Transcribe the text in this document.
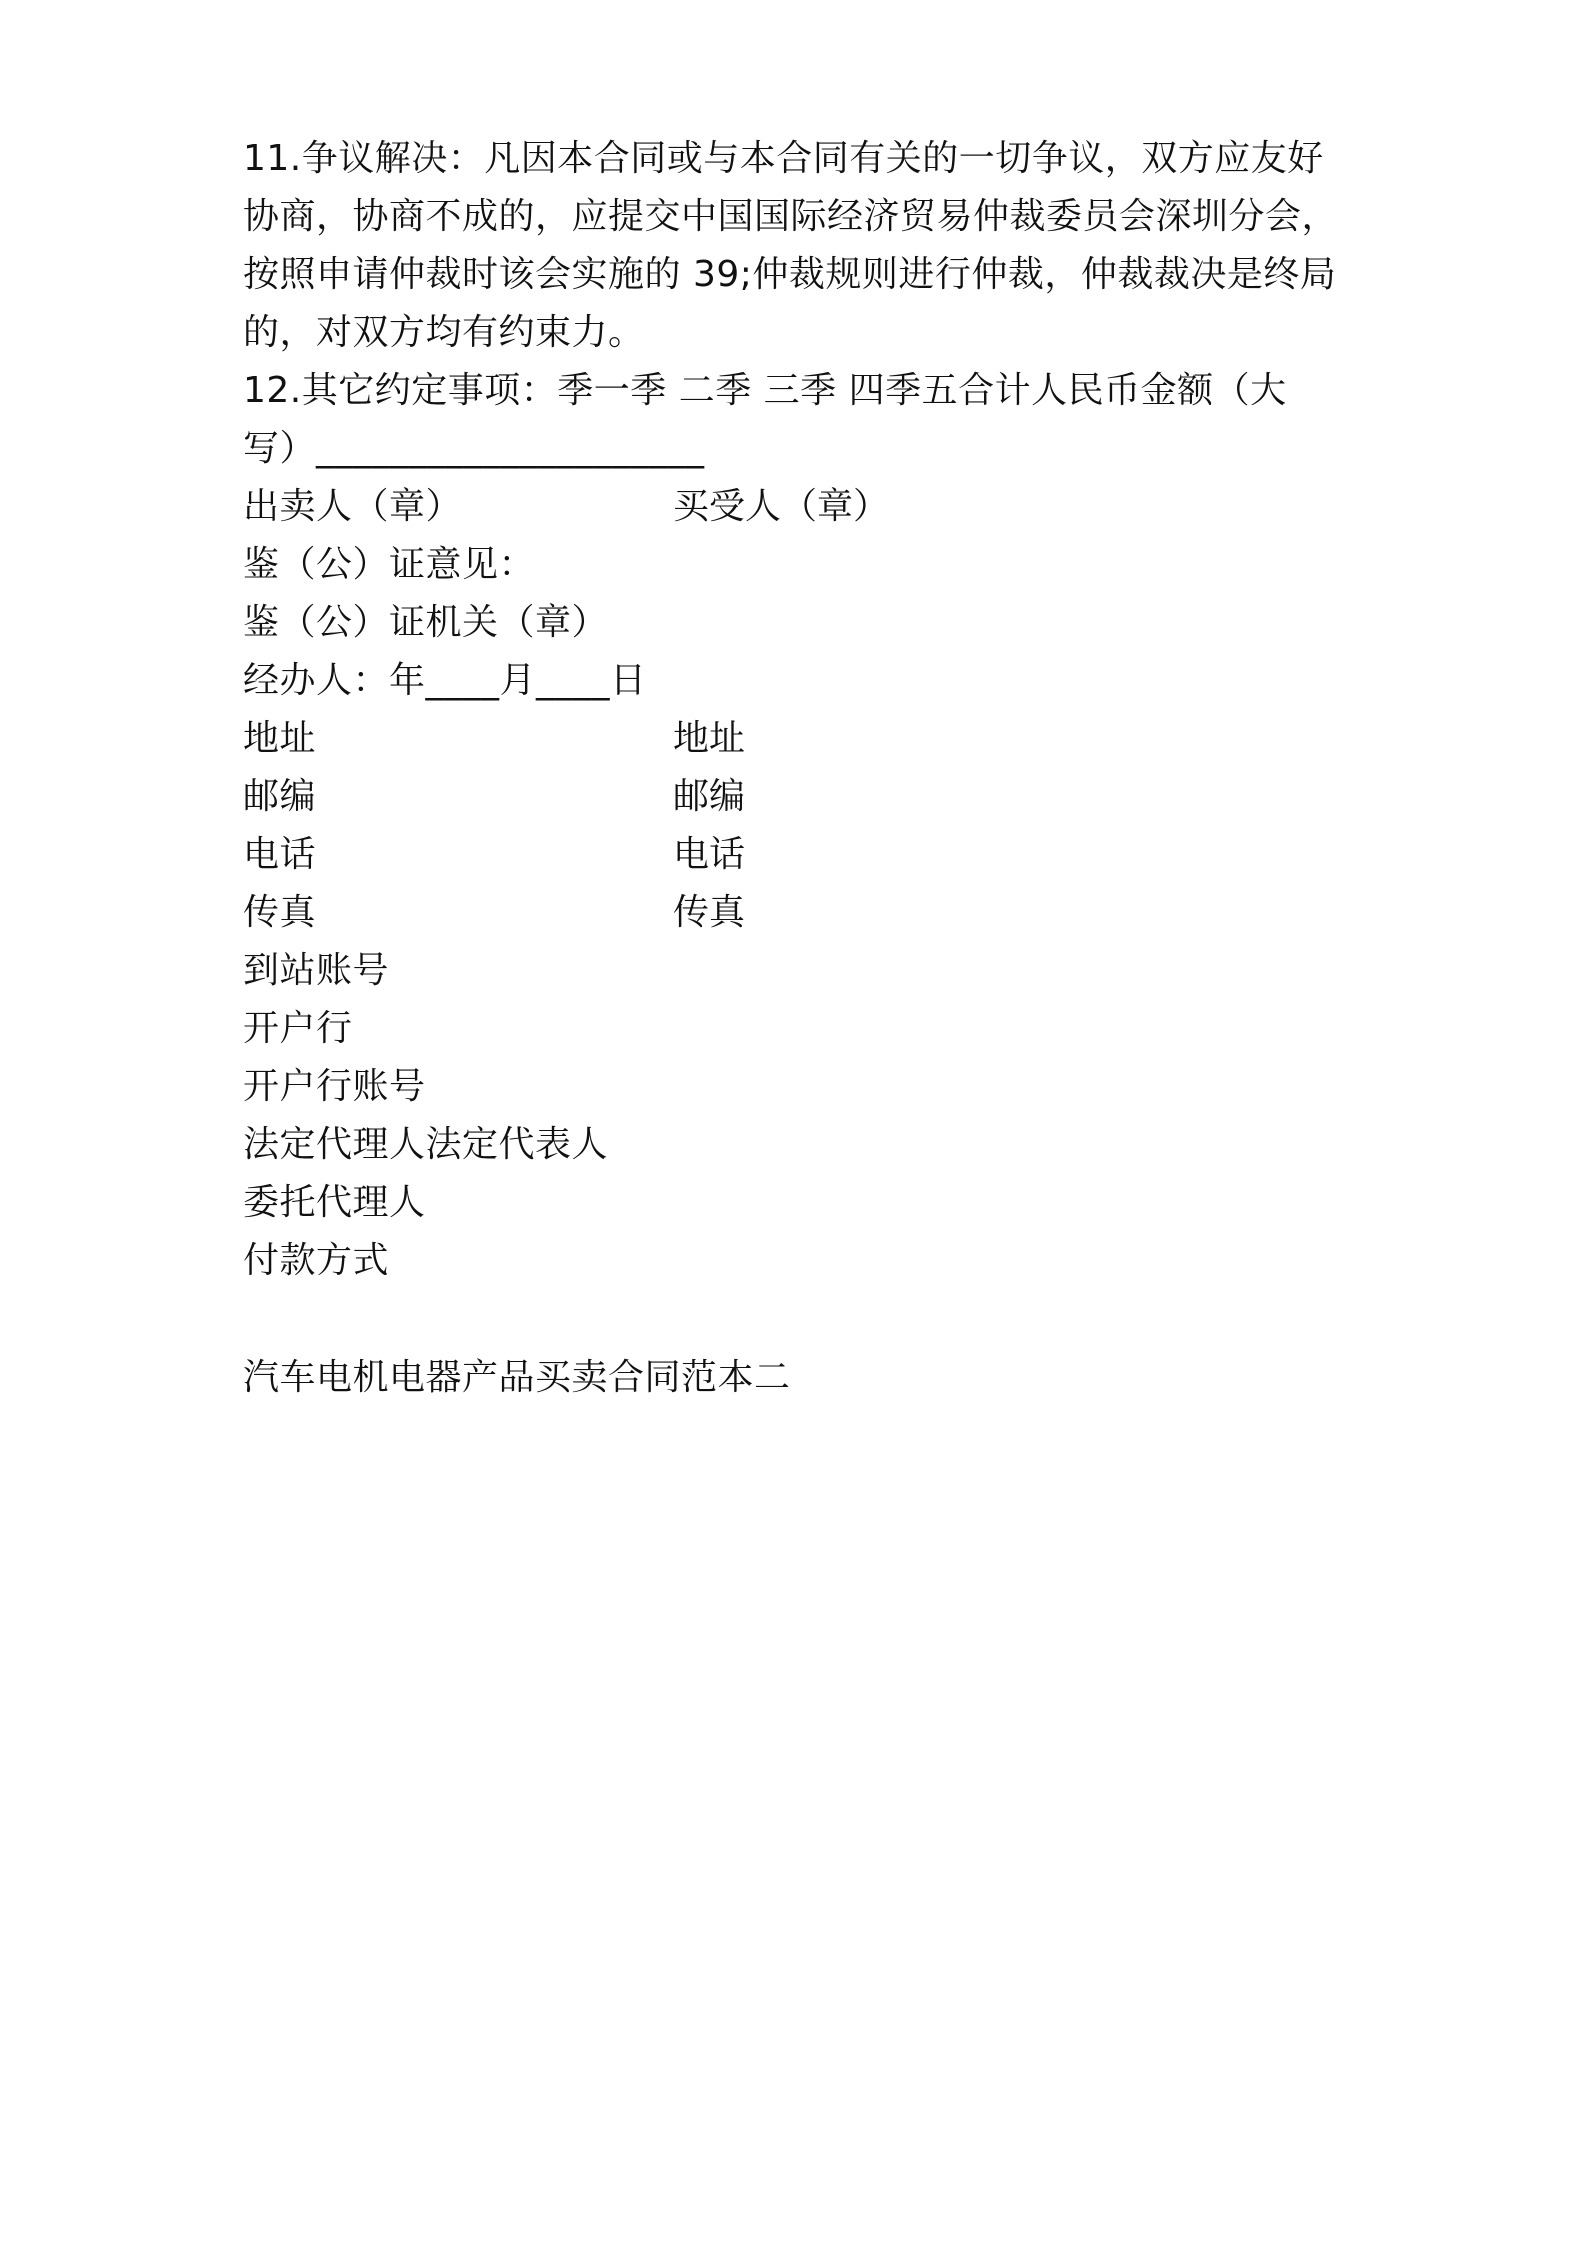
11.争议解决：凡因本合同或与本合同有关的一切争议，双方应友好
协商，协商不成的，应提交中国国际经济贸易仲裁委员会深圳分会，
按照申请仲裁时该会实施的 39;仲裁规则进行仲裁，仲裁裁决是终局
的，对双方均有约束力。
12.其它约定事项：季一季 二季 三季 四季五合计人民币金额（大
写）_____________________
出卖人（章）	买受人（章）
鉴（公）证意见：
鉴（公）证机关（章）
经办人：年____月____日
地址	地址
邮编	邮编
电话	电话
传真	传真
到站账号
开户行
开户行账号
法定代理人法定代表人
委托代理人
付款方式
汽车电机电器产品买卖合同范本二
